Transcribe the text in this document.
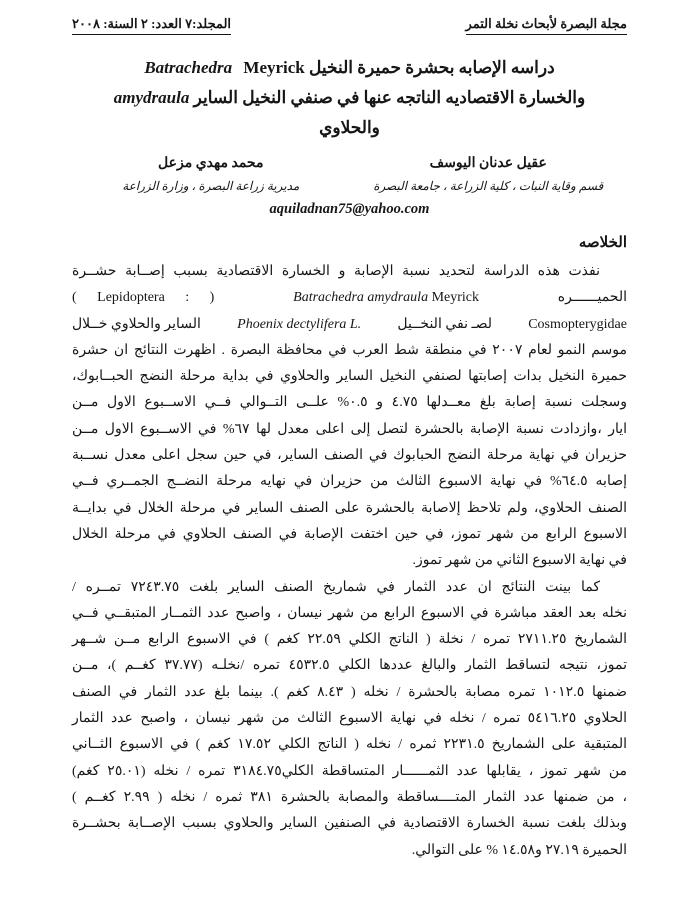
مجلة البصرة لأبحاث نخلة التمر
المجلد:٧ العدد: ٢ السنة: ٢٠٠٨
دراسه الإصابه بحشرة حميرة النخيل Batrachedra Meyrick
amydraula والخسارة الاقتصاديه الناتجه عنها في صنفي النخيل الساير
والحلاوي
عقيل عدنان اليوسف
قسم وقاية النبات ، كلية الزراعة ، جامعة البصرة
محمد مهدي مزعل
مديرية زراعة البصرة ، وزارة الزراعة
aquiladnan75@yahoo.com
الخلاصه
نفذت هذه الدراسة لتحديد نسبة الإصابة و الخسارة الاقتصادية بسبب إصــابة حشــرة
( Lepidoptera : )	Batrachedra amydraula Meyrick	الحميــــــره
الساير والحلاوي خــلال	Phoenix dectylifera L.	لصـ نفي النخــيل	Cosmopterygidae
موسم النمو لعام ٢٠٠٧ في منطقة شط العرب في محافظة البصرة . اظهرت النتائج ان حشرة
حميرة النخيل بدات إصابتها لصنفي النخيل الساير والحلاوي في بداية مرحلة النضج الحبــابوك،
وسجلت نسبة إصابة بلغ معــدلها ٤.٧٥ و ٠.٥% علــى التــوالي فــي الاســبوع الاول مــن
ايار ،وازدادت نسبة الإصابة بالحشرة لتصل إلى اعلى معدل لها ٦٧% في الاســبوع الاول مــن
حزيران في نهاية مرحلة النضج الحبابوك في الصنف الساير، في حين سجل اعلى معدل نســبة
إصابه ٦٤.٥% في نهاية الاسبوع الثالث من حزيران في نهايه مرحلة النضــج الجمــري فــي
الصنف الحلاوي، ولم تلاحظ إلاصابة بالحشرة على الصنف الساير في مرحلة الخلال في بدايــة
الاسبوع الرابع من شهر تموز، في حين اختفت الإصابة في الصنف الحلاوي في مرحلة الخلال
في نهاية الاسبوع الثاني من شهر تموز.
كما بينت النتائج ان عدد الثمار في شماريخ الصنف الساير بلغت ٧٢٤٣.٧٥ تمــره /
نخله بعد العقد مباشرة في الاسبوع الرابع من شهر نيسان ، واصبح عدد الثمــار المتبقــي فــي
الشماريخ ٢٧١١.٢٥ تمره / نخلة ( الناتج الكلي ٢٢.٥٩ كغم ) في الاسبوع الرابع مــن شــهر
تموز، نتيجه لتساقط الثمار والبالغ عددها الكلي ٤٥٣٢.٥ تمره /نخلـه (٣٧.٧٧ كغــم )، مــن
ضمنها ١٠١٢.٥ تمره مصابة بالحشرة / نخله ( ٨.٤٣ كغم ). بينما بلغ عدد الثمار في الصنف
الحلاوي ٥٤١٦.٢٥ تمره / نخله في نهاية الاسبوع الثالث من شهر نيسان ، واصبح عدد الثمار
المتبقية على الشماريخ ٢٢٣١.٥ ثمره / نخله ( الناتج الكلي ١٧.٥٢ كغم ) في الاسبوع الثــاني
من شهر تموز ، يقابلها عدد الثمــــــار المتساقطة الكلي٣١٨٤.٧٥ تمره / نخله (٢٥.٠١ كغم)
، من ضمنها عدد الثمار المتــــساقطة والمصابة بالحشرة ٣٨١ ثمره / نخله ( ٢.٩٩ كغــم )
وبذلك بلغت نسبة الخسارة الاقتصادية في الصنفين الساير والحلاوي بسبب الإصــابة بحشــرة
الحميرة ٢٧.١٩ و١٤.٥٨ % على التوالي.
